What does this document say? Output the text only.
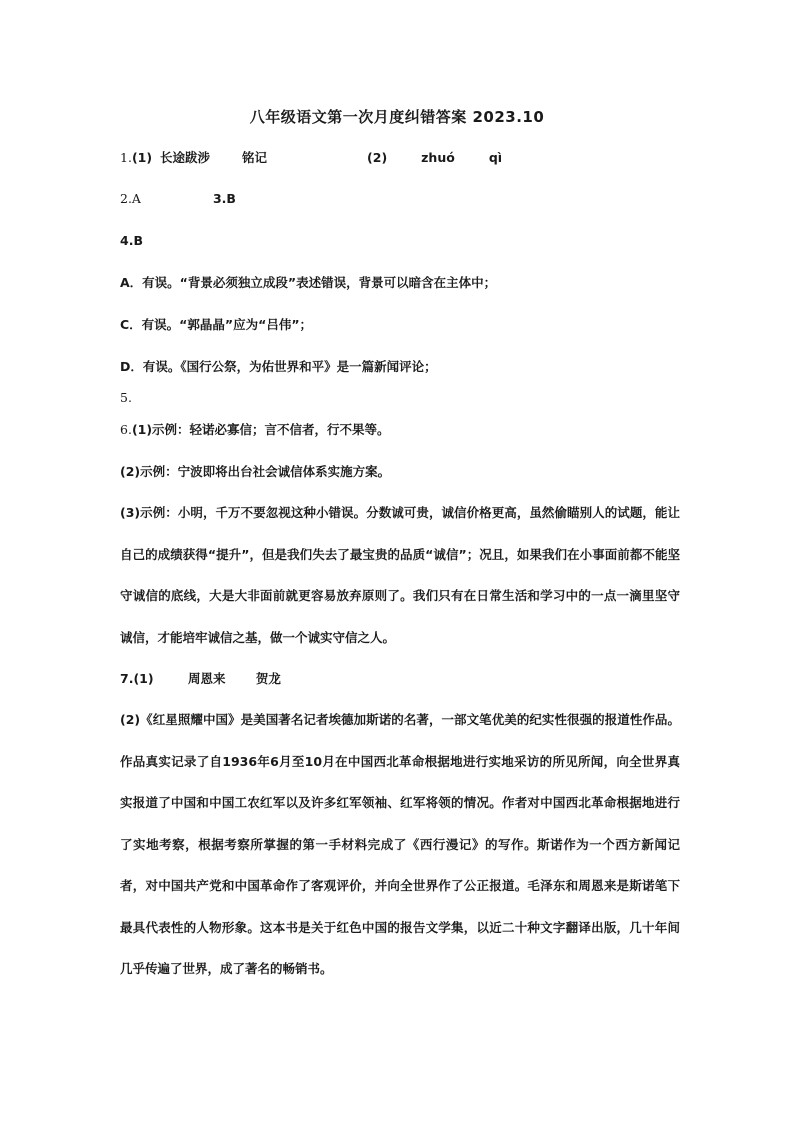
八年级语文第一次月度纠错答案 2023.10
1.(1) 长途跋涉	铭记	(2)	zhuó	qì
2.A	3.B
4.B
A．有误。“背景必须独立成段”表述错误，背景可以暗含在主体中；
C．有误。“郭晶晶”应为“吕伟”；
D．有误。《国行公祭，为佑世界和平》是一篇新闻评论；
5.
6.(1)示例：轻诺必寡信；言不信者，行不果等。
(2)示例：宁波即将出台社会诚信体系实施方案。
(3)示例：小明，千万不要忽视这种小错误。分数诚可贵，诚信价格更高，虽然偷瞄别人的试题，能让自己的成绩获得“提升”，但是我们失去了最宝贵的品质“诚信”；况且，如果我们在小事面前都不能坚守诚信的底线，大是大非面前就更容易放弃原则了。我们只有在日常生活和学习中的一点一滴里坚守诚信，才能培牢诚信之基，做一个诚实守信之人。
7.(1)	周恩来 贺龙
(2)《红星照耀中国》是美国著名记者埃德加斯诺的名著，一部文笔优美的纪实性很强的报道性作品。作品真实记录了自1936年6月至10月在中国西北革命根据地进行实地采访的所见所闻，向全世界真实报道了中国和中国工农红军以及许多红军领袖、红军将领的情况。作者对中国西北革命根据地进行了实地考察，根据考察所掌握的第一手材料完成了《西行漫记》的写作。斯诺作为一个西方新闻记者，对中国共产党和中国革命作了客观评价，并向全世界作了公正报道。毛泽东和周恩来是斯诺笔下最具代表性的人物形象。这本书是关于红色中国的报告文学集，以近二十种文字翻译出版，几十年间几乎传遍了世界，成了著名的畅销书。
